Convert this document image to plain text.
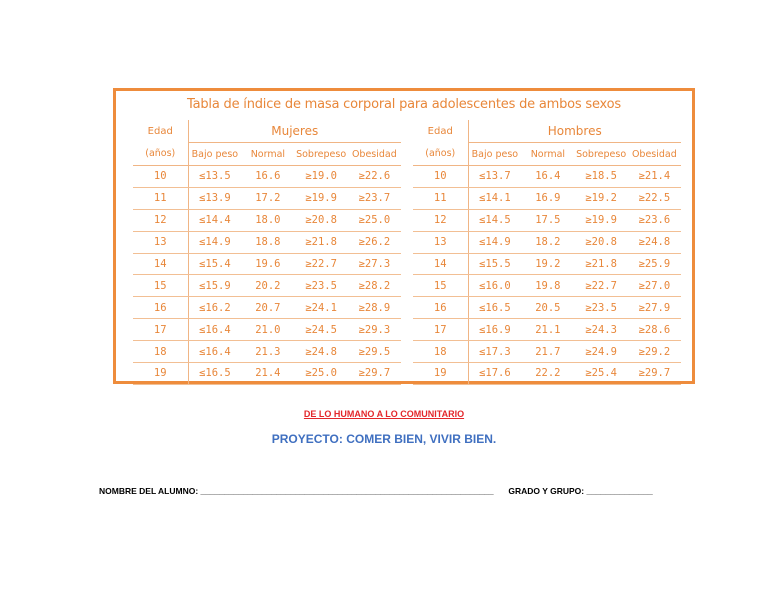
Tabla de índice de masa corporal para adolescentes de ambos sexos
Edad	Mujeres			
(años)	Bajo peso	Normal	Sobrepeso	Obesidad
10	≤13.5	16.6	≥19.0	≥22.6
11	≤13.9	17.2	≥19.9	≥23.7
12	≤14.4	18.0	≥20.8	≥25.0
13	≤14.9	18.8	≥21.8	≥26.2
14	≤15.4	19.6	≥22.7	≥27.3
15	≤15.9	20.2	≥23.5	≥28.2
16	≤16.2	20.7	≥24.1	≥28.9
17	≤16.4	21.0	≥24.5	≥29.3
18	≤16.4	21.3	≥24.8	≥29.5
19	≤16.5	21.4	≥25.0	≥29.7
Edad	Hombres			
(años)	Bajo peso	Normal	Sobrepeso	Obesidad
10	≤13.7	16.4	≥18.5	≥21.4
11	≤14.1	16.9	≥19.2	≥22.5
12	≤14.5	17.5	≥19.9	≥23.6
13	≤14.9	18.2	≥20.8	≥24.8
14	≤15.5	19.2	≥21.8	≥25.9
15	≤16.0	19.8	≥22.7	≥27.0
16	≤16.5	20.5	≥23.5	≥27.9
17	≤16.9	21.1	≥24.3	≥28.6
18	≤17.3	21.7	≥24.9	≥29.2
19	≤17.6	22.2	≥25.4	≥29.7
DE LO HUMANO A LO COMUNITARIO
PROYECTO: COMER BIEN, VIVIR BIEN.
NOMBRE DEL ALUMNO: ______________________________________________________________ GRADO Y GRUPO: ______________
